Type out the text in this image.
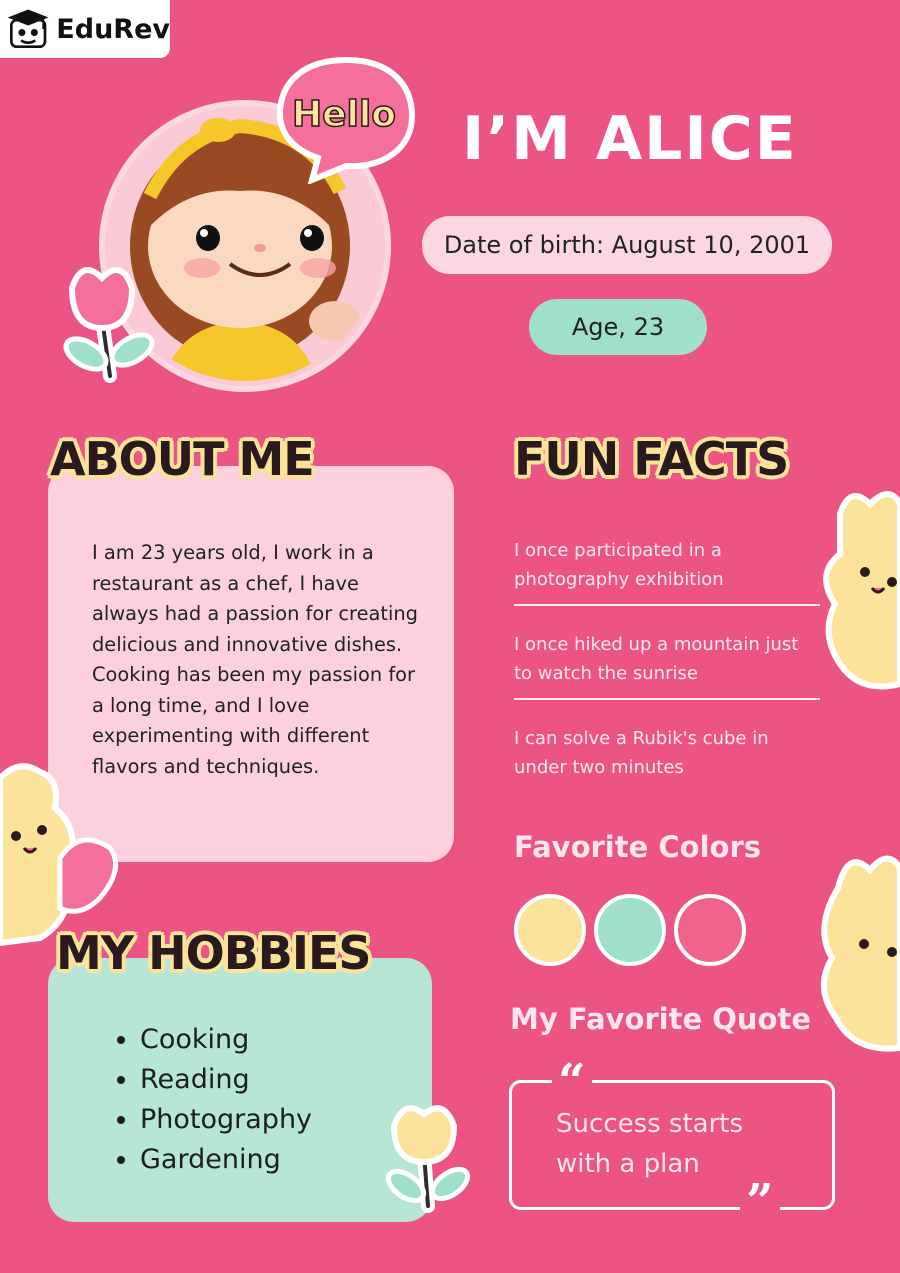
EduRev
Hello I’M ALICE
Date of birth: August 10, 2001
Age, 23
ABOUT ME
I am 23 years old, I work in a restaurant as a chef, I have always had a passion for creating delicious and innovative dishes. Cooking has been my passion for a long time, and I love experimenting with different flavors and techniques.
FUN FACTS
I once participated in a photography exhibition
I once hiked up a mountain just to watch the sunrise
I can solve a Rubik's cube in under two minutes
Favorite Colors
My Favorite Quote
“
”
Success starts with a plan
MY HOBBIES
• Cooking
• Reading
• Photography
• Gardening
